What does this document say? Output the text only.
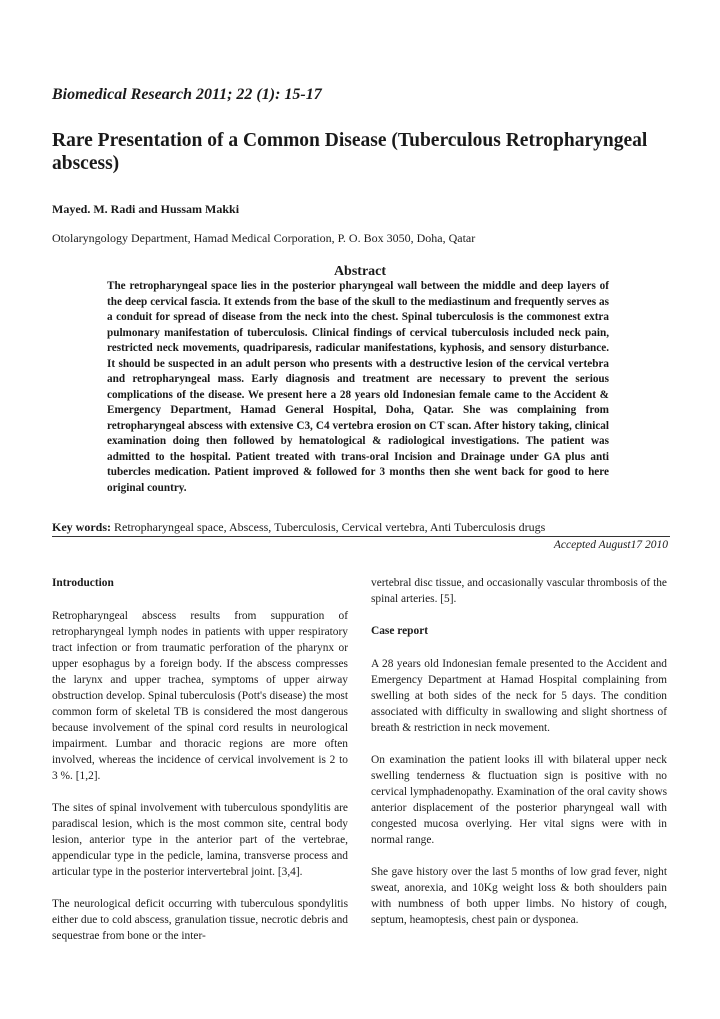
Biomedical Research 2011; 22 (1): 15-17
Rare Presentation of a Common Disease (Tuberculous Retropharyngeal abscess)
Mayed. M. Radi and Hussam Makki
Otolaryngology Department, Hamad Medical Corporation, P. O. Box 3050, Doha, Qatar
Abstract
The retropharyngeal space lies in the posterior pharyngeal wall between the middle and deep layers of the deep cervical fascia. It extends from the base of the skull to the mediastinum and frequently serves as a conduit for spread of disease from the neck into the chest. Spinal tuberculosis is the commonest extra pulmonary manifestation of tuberculosis. Clinical findings of cervical tuberculosis included neck pain, restricted neck movements, quadriparesis, radicular manifestations, kyphosis, and sensory disturbance. It should be suspected in an adult person who presents with a destructive lesion of the cervical vertebra and retropharyngeal mass. Early diagnosis and treatment are necessary to prevent the serious complications of the disease. We present here a 28 years old Indonesian female came to the Accident & Emergency Department, Hamad General Hospital, Doha, Qatar. She was complaining from retropharyngeal abscess with extensive C3, C4 vertebra erosion on CT scan. After history taking, clinical examination doing then followed by hematological & radiological investigations. The patient was admitted to the hospital. Patient treated with trans-oral Incision and Drainage under GA plus anti tubercles medication. Patient improved & followed for 3 months then she went back for good to here original country.
Key words: Retropharyngeal space, Abscess, Tuberculosis, Cervical vertebra, Anti Tuberculosis drugs
Accepted August17 2010
Introduction

Retropharyngeal abscess results from suppuration of retropharyngeal lymph nodes in patients with upper respiratory tract infection or from traumatic perforation of the pharynx or upper esophagus by a foreign body. If the abscess compresses the larynx and upper trachea, symptoms of upper airway obstruction develop. Spinal tuberculosis (Pott's disease) the most common form of skeletal TB is considered the most dangerous because involvement of the spinal cord results in neurological impairment. Lumbar and thoracic regions are more often involved, whereas the incidence of cervical involvement is 2 to 3 %. [1,2].

The sites of spinal involvement with tuberculous spondylitis are paradiscal lesion, which is the most common site, central body lesion, anterior type in the anterior part of the vertebrae, appendicular type in the pedicle, lamina, transverse process and articular type in the posterior intervertebral joint. [3,4].

The neurological deficit occurring with tuberculous spondylitis either due to cold abscess, granulation tissue, necrotic debris and sequestrae from bone or the inter-

vertebral disc tissue, and occasionally vascular thrombosis of the spinal arteries. [5].

Case report

A 28 years old Indonesian female presented to the Accident and Emergency Department at Hamad Hospital complaining from swelling at both sides of the neck for 5 days. The condition associated with difficulty in swallowing and slight shortness of breath & restriction in neck movement.

On examination the patient looks ill with bilateral upper neck swelling tenderness & fluctuation sign is positive with no cervical lymphadenopathy. Examination of the oral cavity shows anterior displacement of the posterior pharyngeal wall with congested mucosa overlying. Her vital signs were with in normal range.

She gave history over the last 5 months of low grad fever, night sweat, anorexia, and 10Kg weight loss & both shoulders pain with numbness of both upper limbs. No history of cough, septum, heamoptesis, chest pain or dysponea.
